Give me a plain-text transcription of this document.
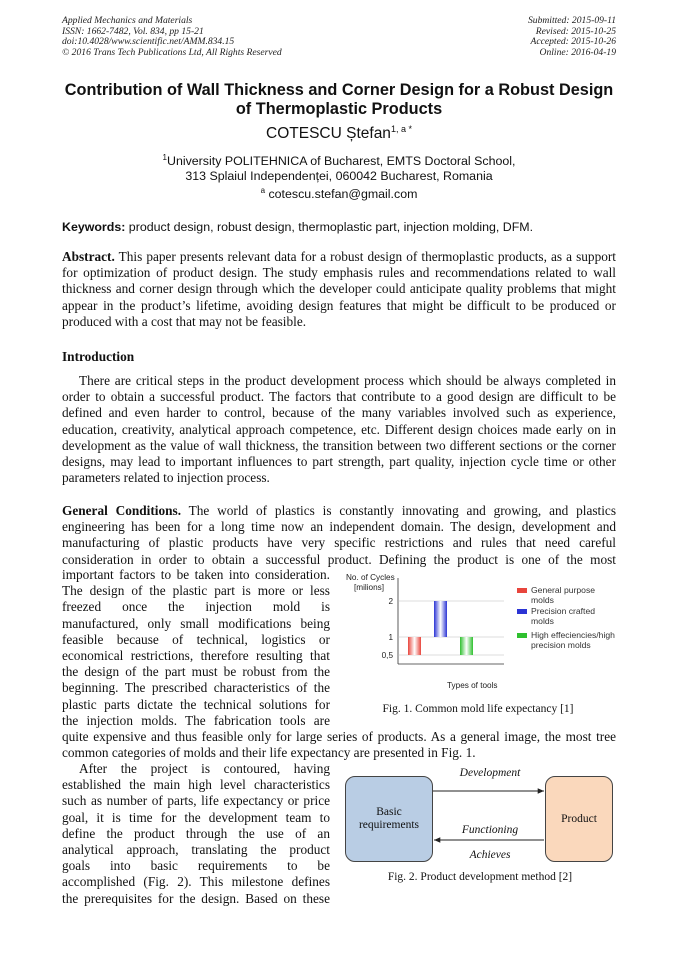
Applied Mechanics and Materials
ISSN: 1662-7482, Vol. 834, pp 15-21
doi:10.4028/www.scientific.net/AMM.834.15
© 2016 Trans Tech Publications Ltd, All Rights Reserved
Submitted: 2015-09-11
Revised: 2015-10-25
Accepted: 2015-10-26
Online: 2016-04-19
Contribution of Wall Thickness and Corner Design for a Robust Design of Thermoplastic Products
COTESCU Ștefan$^{1, a *}$
$^1$University POLITEHNICA of Bucharest, EMTS Doctoral School,
313 Splaiul Independenței, 060042 Bucharest, Romania
$^a$ cotescu.stefan@gmail.com
Keywords: product design, robust design, thermoplastic part, injection molding, DFM.
Abstract. This paper presents relevant data for a robust design of thermoplastic products, as a support for optimization of product design. The study emphasis rules and recommendations related to wall thickness and corner design through which the developer could anticipate quality problems that might appear in the product’s lifetime, avoiding design features that might be difficult to be produced or produced with a cost that may not be feasible.
Introduction
There are critical steps in the product development process which should be always completed in order to obtain a successful product. The factors that contribute to a good design are difficult to be defined and even harder to control, because of the many variables involved such as experience, education, creativity, analytical approach competence, etc. Different design choices made early on in development as the value of wall thickness, the transition between two different sections or the corner designs, may lead to important influences to part strength, part quality, injection cycle time or other parameters related to injection process.
General Conditions. The world of plastics is constantly innovating and growing, and plastics engineering has been for a long time now an independent domain. The design, development and manufacturing of plastic products have very specific restrictions and rules that need careful consideration in order to obtain a successful product. Defining the product is one of the most
important factors to be taken into consideration.
The design of the plastic part is more or less
freezed once the injection mold is
manufactured, only small modifications being
feasible because of technical, logistics or
economical restrictions, therefore resulting that
the design of the part must be robust from the
beginning. The prescribed characteristics of the
plastic parts dictate the technical solutions for
the injection molds. The fabrication tools are
quite expensive and thus feasible only for large series of products. As a general image, the most tree
common categories of molds and their life expectancy are presented in Fig. 1.
No. of Cycles
[milions]
0,5
1
2
Types of tools
General purpose molds
Precision crafted molds
High effeciencies/high precision molds
Fig. 1. Common mold life expectancy [1]
After the project is contoured, having
established the main high level characteristics
such as number of parts, life expectancy or price
goal, it is time for the development team to
define the product through the use of an
analytical approach, translating the product
goals into basic requirements to be
accomplished (Fig. 2). This milestone defines
the prerequisites for the design. Based on these
Basic requirements	Product
Development
Functioning
Achieves
Fig. 2. Product development method [2]
